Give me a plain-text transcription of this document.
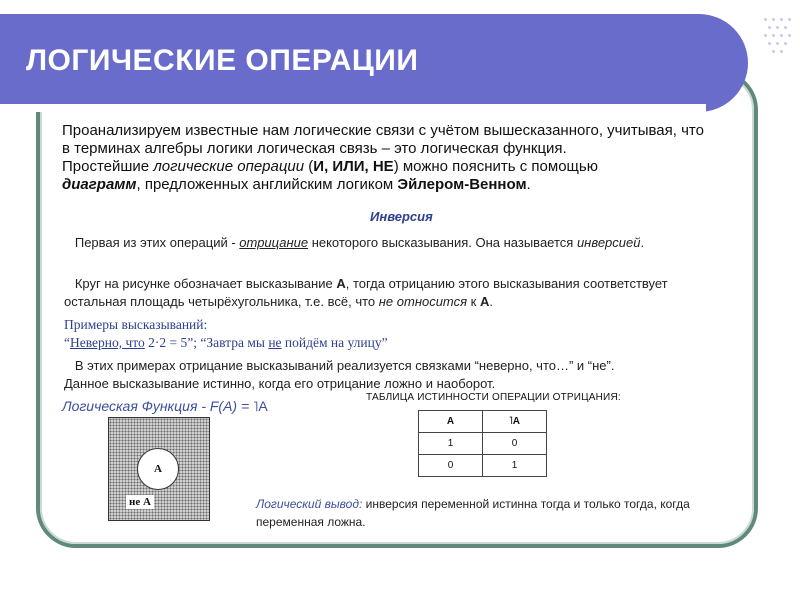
ЛОГИЧЕСКИЕ ОПЕРАЦИИ

Проанализируем известные нам логические связи с учётом вышесказанного, учитывая, что в терминах алгебры логики логическая связь – это логическая функция.

Простейшие логические операции (И, ИЛИ, НЕ) можно пояснить с помощью
диаграмм, предложенных английским логиком Эйлером-Венном.

Инверсия
Первая из этих операций - отрицание некоторого высказывания. Она называется инверсией.
Круг на рисунке обозначает высказывание А, тогда отрицанию этого высказывания соответствует остальная площадь четырёхугольника, т.е. всё, что не относится к А.
Примеры высказываний:
“Неверно, что 2·2 = 5”; “Завтра мы не пойдём на улицу”
В этих примерах отрицание высказываний реализуется связками “неверно, что…” и “не”.
Данное высказывание истинно, когда его отрицание ложно и наоборот.
Логическая Функция - F(A) = ˥A
ТАБЛИЦА ИСТИННОСТИ ОПЕРАЦИИ ОТРИЦАНИЯ:
A	˥A
1	0
0	1
A
не A	Логический вывод: инверсия переменной истинна тогда и только тогда, когда переменная ложна.
